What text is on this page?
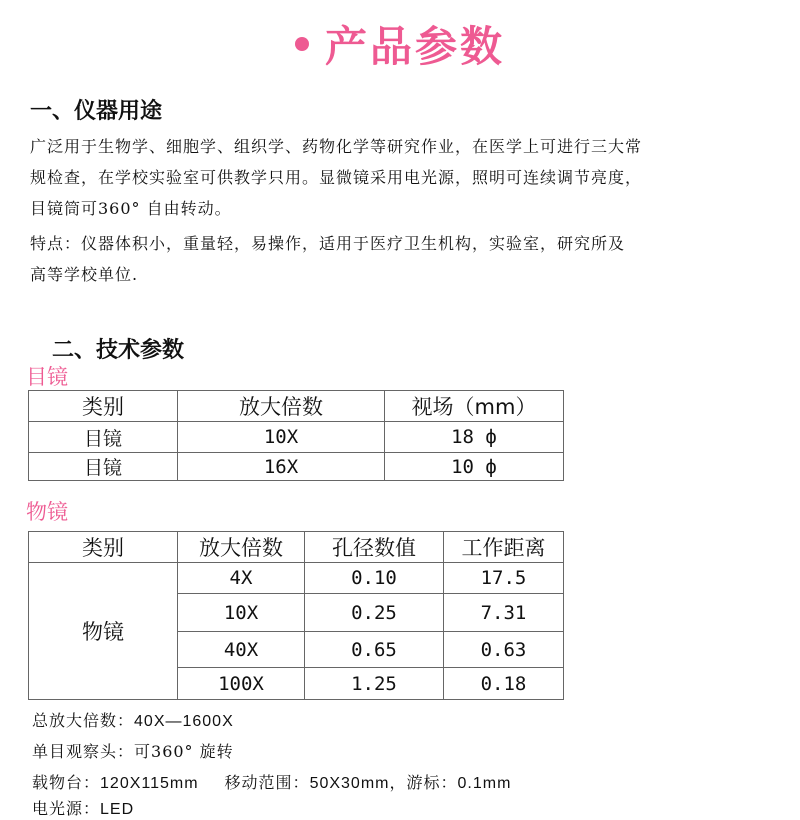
产品参数
一、仪器用途
广泛用于生物学、细胞学、组织学、药物化学等研究作业，在医学上可进行三大常
规检查，在学校实验室可供教学只用。显微镜采用电光源，照明可连续调节亮度，
目镜筒可360° 自由转动。
特点：仪器体积小，重量轻，易操作，适用于医疗卫生机构，实验室，研究所及
高等学校单位.
二、技术参数
目镜
类别	放大倍数	视场（mm）
目镜	10X	18 ф
目镜	16X	10 ф
物镜
类别	放大倍数	孔径数值	工作距离
物镜	4X	0.10	17.5
	10X	0.25	7.31
	40X	0.65	0.63
	100X	1.25	0.18
总放大倍数：40X—1600X
单目观察头：可360° 旋转
载物台：120X115mm 移动范围：50X30mm，游标：0.1mm
电光源：LED
